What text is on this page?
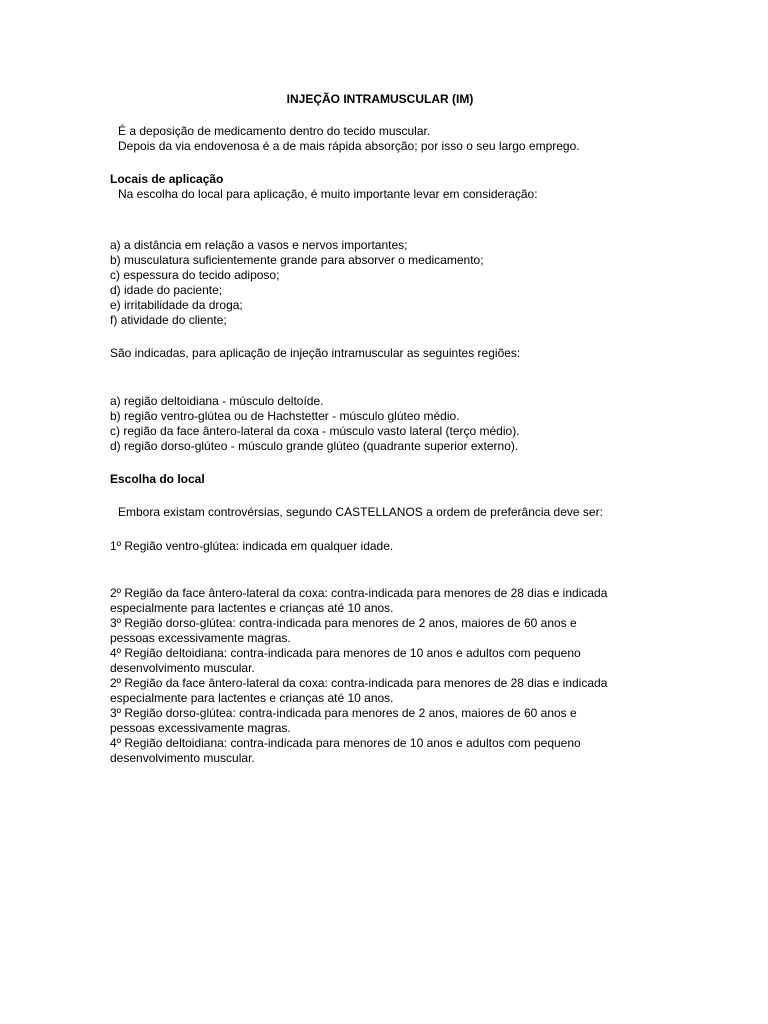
INJEÇÃO INTRAMUSCULAR (IM)
É a deposição de medicamento dentro do tecido muscular.
Depois da via endovenosa é a de mais rápida absorção; por isso o seu largo emprego.
Locais de aplicação
Na escolha do local para aplicação, é muito importante levar em consideração:
a) a distância em relação a vasos e nervos importantes;
b) musculatura suficientemente grande para absorver o medicamento;
c) espessura do tecido adiposo;
d) idade do paciente;
e) irritabilidade da droga;
f) atividade do cliente;
São indicadas, para aplicação de injeção intramuscular as seguintes regiões:
a) região deltoidiana - músculo deltoíde.
b) região ventro-glútea ou de Hachstetter - músculo glúteo médio.
c) região da face ântero-lateral da coxa - músculo vasto lateral (terço médio).
d) região dorso-glúteo - músculo grande glúteo (quadrante superior externo).
Escolha do local
Embora existam controvérsias, segundo CASTELLANOS a ordem de preferância deve ser:
1º Região ventro-glútea: indicada em qualquer idade.
2º Região da face ântero-lateral da coxa: contra-indicada para menores de 28 dias e indicada
especialmente para lactentes e crianças até 10 anos.
3º Região dorso-glútea: contra-indicada para menores de 2 anos, maiores de 60 anos e
pessoas excessivamente magras.
4º Região deltoidiana: contra-indicada para menores de 10 anos e adultos com pequeno
desenvolvimento muscular.
2º Região da face ântero-lateral da coxa: contra-indicada para menores de 28 dias e indicada
especialmente para lactentes e crianças até 10 anos.
3º Região dorso-glútea: contra-indicada para menores de 2 anos, maiores de 60 anos e
pessoas excessivamente magras.
4º Região deltoidiana: contra-indicada para menores de 10 anos e adultos com pequeno
desenvolvimento muscular.
